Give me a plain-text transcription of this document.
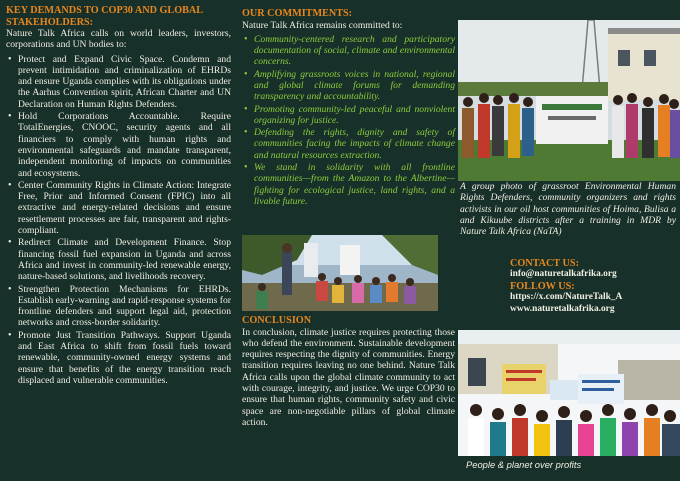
KEY DEMANDS TO COP30 AND GLOBAL STAKEHOLDERS:

Nature Talk Africa calls on world leaders, investors, corporations and UN bodies to:

• Protect and Expand Civic Space. Condemn and prevent intimidation and criminalization of EHRDs and ensure Uganda complies with its obligations under the Aarhus Convention spirit, African Charter and UN Declaration on Human Rights Defenders.
• Hold Corporations Accountable. Require TotalEnergies, CNOOC, security agents and all financiers to comply with human rights and environmental safeguards and mandate transparent, independent monitoring of impacts on communities and ecosystems.
• Center Community Rights in Climate Action: Integrate Free, Prior and Informed Consent (FPIC) into all extractive and energy-related decisions and ensure resettlement processes are fair, transparent and rights-compliant.
• Redirect Climate and Development Finance. Stop financing fossil fuel expansion in Uganda and across Africa and invest in community-led renewable energy, nature-based solutions, and livelihoods recovery.
• Strengthen Protection Mechanisms for EHRDs. Establish early-warning and rapid-response systems for frontline defenders and support legal aid, protection networks and cross-border solidarity.
• Promote Just Transition Pathways. Support Uganda and East Africa to shift from fossil fuels toward renewable, community-owned energy systems and ensure that benefits of the energy transition reach displaced and vulnerable communities.
OUR COMMITMENTS:

Nature Talk Africa remains committed to:

• Community-centered research and participatory documentation of social, climate and environmental concerns.
• Amplifying grassroots voices in national, regional and global climate forums for demanding transparency and accountability.
• Promoting community-led peaceful and nonviolent organizing for justice.
• Defending the rights, dignity and safety of communities facing the impacts of climate change and natural resources extraction.
• We stand in solidarity with all frontline communities—from the Amazon to the Albertine—fighting for ecological justice, land rights, and a livable future.
CONCLUSION

In conclusion, climate justice requires protecting those who defend the environment. Sustainable development requires respecting the dignity of communities. Energy transition requires leaving no one behind. Nature Talk Africa calls upon the global climate community to act with courage, integrity, and justice. We urge COP30 to ensure that human rights, community safety and civic space are non-negotiable pillars of global climate action.

A group photo of grassroot Environmental Human Rights Defenders, community organizers and rights activists in our oil host communities of Hoima, Bulisa a and Kikuube districts after a training in MDR by Nature Talk Africa (NaTA)
CONTACT US:
info@naturetalkafrika.org
FOLLOW US:
https://x.com/NatureTalk_A
www.naturetalkafrika.org
People & planet over profits
